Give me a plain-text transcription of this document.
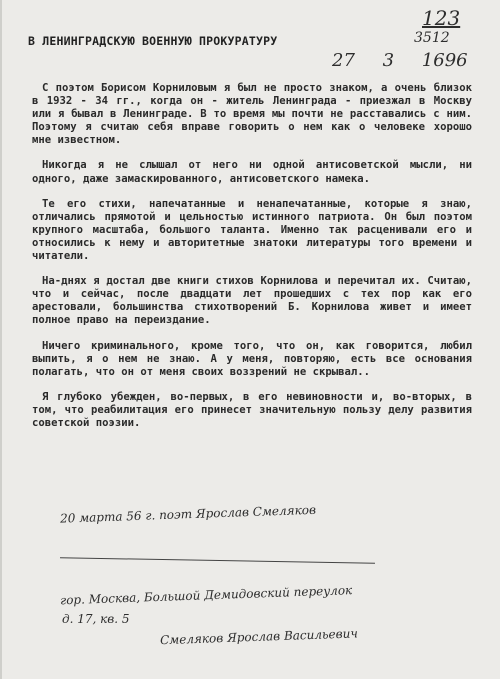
123
3512
27 3 1696
В ЛЕНИНГРАДСКУЮ ВОЕННУЮ ПРОКУРАТУРУ

С поэтом Борисом Корниловым я был не просто знаком, а очень близок в 1932 - 34 гг., когда он - житель Ленинграда - приезжал в Москву или я бывал в Ленинграде. В то время мы почти не расставались с ним. Поэтому я считаю себя вправе говорить о нем как о человеке хорошо мне известном.

Никогда я не слышал от него ни одной антисоветской мысли, ни одного, даже замаскированного, антисоветского намека.

Те его стихи, напечатанные и ненапечатанные, которые я знаю, отличались прямотой и цельностью истинного патриота. Он был поэтом крупного масштаба, большого таланта. Именно так расценивали его и относились к нему и авторитетные знатоки литературы того времени и читатели.

На-днях я достал две книги стихов Корнилова и перечитал их. Считаю, что и сейчас, после двадцати лет прошедших с тех пор как его арестовали, большинства стихотворений Б. Корнилова живет и имеет полное право на переиздание.

Ничего криминального, кроме того, что он, как говорится, любил выпить, я о нем не знаю. А у меня, повторяю, есть все основания полагать, что он от меня своих воззрений не скрывал..

Я глубоко убежден, во-первых, в его невиновности и, во-вторых, в том, что реабилитация его принесет значительную пользу делу развития советской поэзии.

20 марта 56 г. поэт Ярослав Смеляков
гор. Москва, Большой Демидовский переулок
д. 17, кв. 5
Смеляков Ярослав Васильевич
